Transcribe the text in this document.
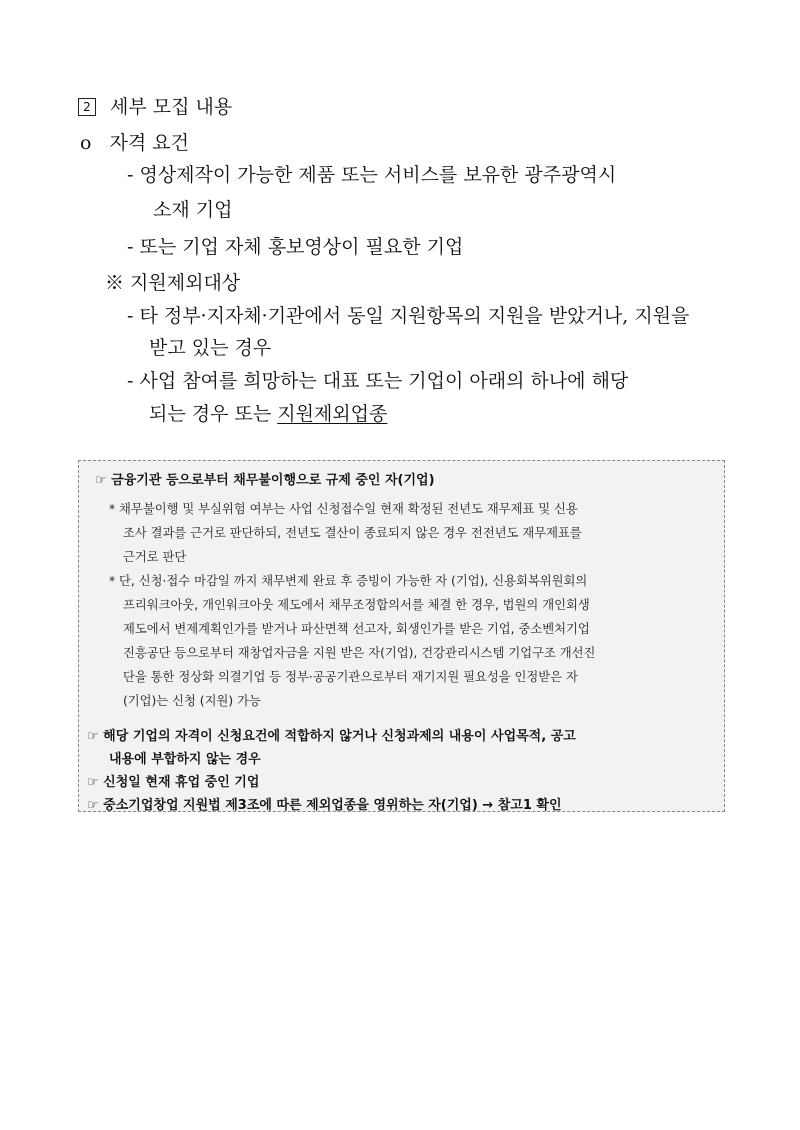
2 세부 모집 내용
o 자격 요건
- 영상제작이 가능한 제품 또는 서비스를 보유한 광주광역시
소재 기업
- 또는 기업 자체 홍보영상이 필요한 기업
※ 지원제외대상
- 타 정부·지자체·기관에서 동일 지원항목의 지원을 받았거나, 지원을
받고 있는 경우
- 사업 참여를 희망하는 대표 또는 기업이 아래의 하나에 해당
되는 경우 또는 지원제외업종
☞ 금융기관 등으로부터 채무불이행으로 규제 중인 자(기업)
* 채무불이행 및 부실위험 여부는 사업 신청접수일 현재 확정된 전년도 재무제표 및 신용
조사 결과를 근거로 판단하되, 전년도 결산이 종료되지 않은 경우 전전년도 재무제표를
근거로 판단
* 단, 신청·접수 마감일 까지 채무변제 완료 후 증빙이 가능한 자 (기업), 신용회복위원회의
프리워크아웃, 개인워크아웃 제도에서 채무조정합의서를 체결 한 경우, 법원의 개인회생
제도에서 변제계획인가를 받거나 파산면책 선고자, 회생인가를 받은 기업, 중소벤처기업
진흥공단 등으로부터 재창업자금을 지원 받은 자(기업), 건강관리시스템 기업구조 개선진
단을 통한 정상화 의결기업 등 정부·공공기관으로부터 재기지원 필요성을 인정받은 자
(기업)는 신청 (지원) 가능
☞ 해당 기업의 자격이 신청요건에 적합하지 않거나 신청과제의 내용이 사업목적, 공고
내용에 부합하지 않는 경우
☞ 신청일 현재 휴업 중인 기업
☞ 중소기업창업 지원법 제3조에 따른 제외업종을 영위하는 자(기업) → 참고1 확인
